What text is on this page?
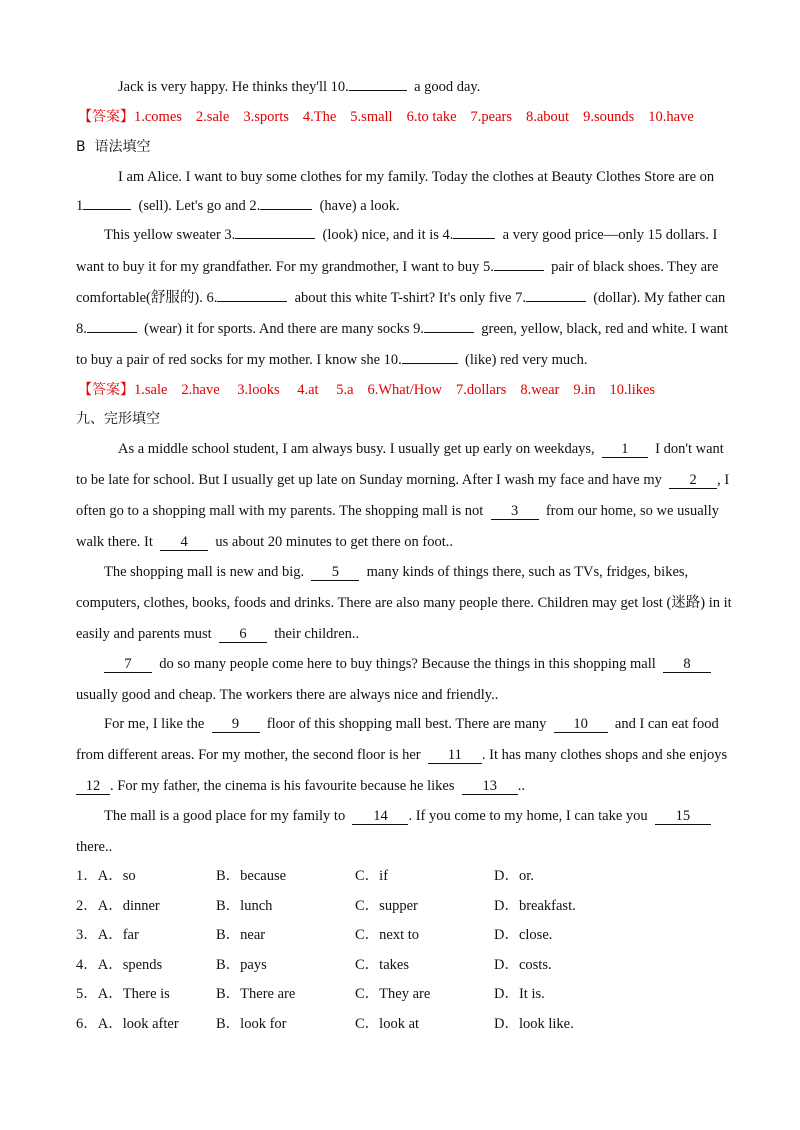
Jack is very happy. He thinks they'll 10.	a good day.
【答案】1.comes 2.sale 3.sports 4.The 5.small 6.to take 7.pears 8.about 9.sounds 10.have
B  语法填空
I am Alice. I want to buy some clothes for my family. Today the clothes at Beauty Clothes Store are on
1	(sell). Let's go and 2.	(have) a look.
This yellow sweater 3.	(look) nice, and it is 4.	a very good price—only 15 dollars. I
want to buy it for my grandfather. For my grandmother, I want to buy 5.	pair of black shoes. They are
comfortable(舒服的). 6.	about this white T-shirt? It's only five 7.	(dollar). My father can
8.	(wear) it for sports. And there are many socks 9.	green, yellow, black, red and white. I want
to buy a pair of red socks for my mother. I know she 10.	(like) red very much.
【答案】1.sale 2.have 3.looks 4.at 5.a 6.What/How 7.dollars 8.wear 9.in 10.likes
九、完形填空
As a middle school student, I am always busy. I usually get up early on weekdays,  1  I don't want
to be late for school. But I usually get up late on Sunday morning. After I wash my face and have my  2 , I
often go to a shopping mall with my parents. The shopping mall is not  3  from our home, so we usually
walk there. It  4  us about 20 minutes to get there on foot..
The shopping mall is new and big.  5  many kinds of things there, such as TVs, fridges, bikes,
computers, clothes, books, foods and drinks. There are also many people there. Children may get lost (迷路) in it
easily and parents must  6  their children..
7  do so many people come here to buy things? Because the things in this shopping mall  8
usually good and cheap. The workers there are always nice and friendly..
For me, I like the  9  floor of this shopping mall best. There are many  10  and I can eat food
from different areas. For my mother, the second floor is her  11 . It has many clothes shops and she enjoys
12 . For my father, the cinema is his favourite because he likes  13 ..
The mall is a good place for my family to  14 . If you come to my home, I can take you  15
there..
1．A．so	B．because	C．if	D．or.
2．A．dinner	B．lunch	C．supper	D．breakfast.
3．A．far	B．near	C．next to	D．close.
4．A．spends	B．pays	C．takes	D．costs.
5．A．There is	B．There are	C．They are	D．It is.
6．A．look after	B．look for	C．look at	D．look like.
